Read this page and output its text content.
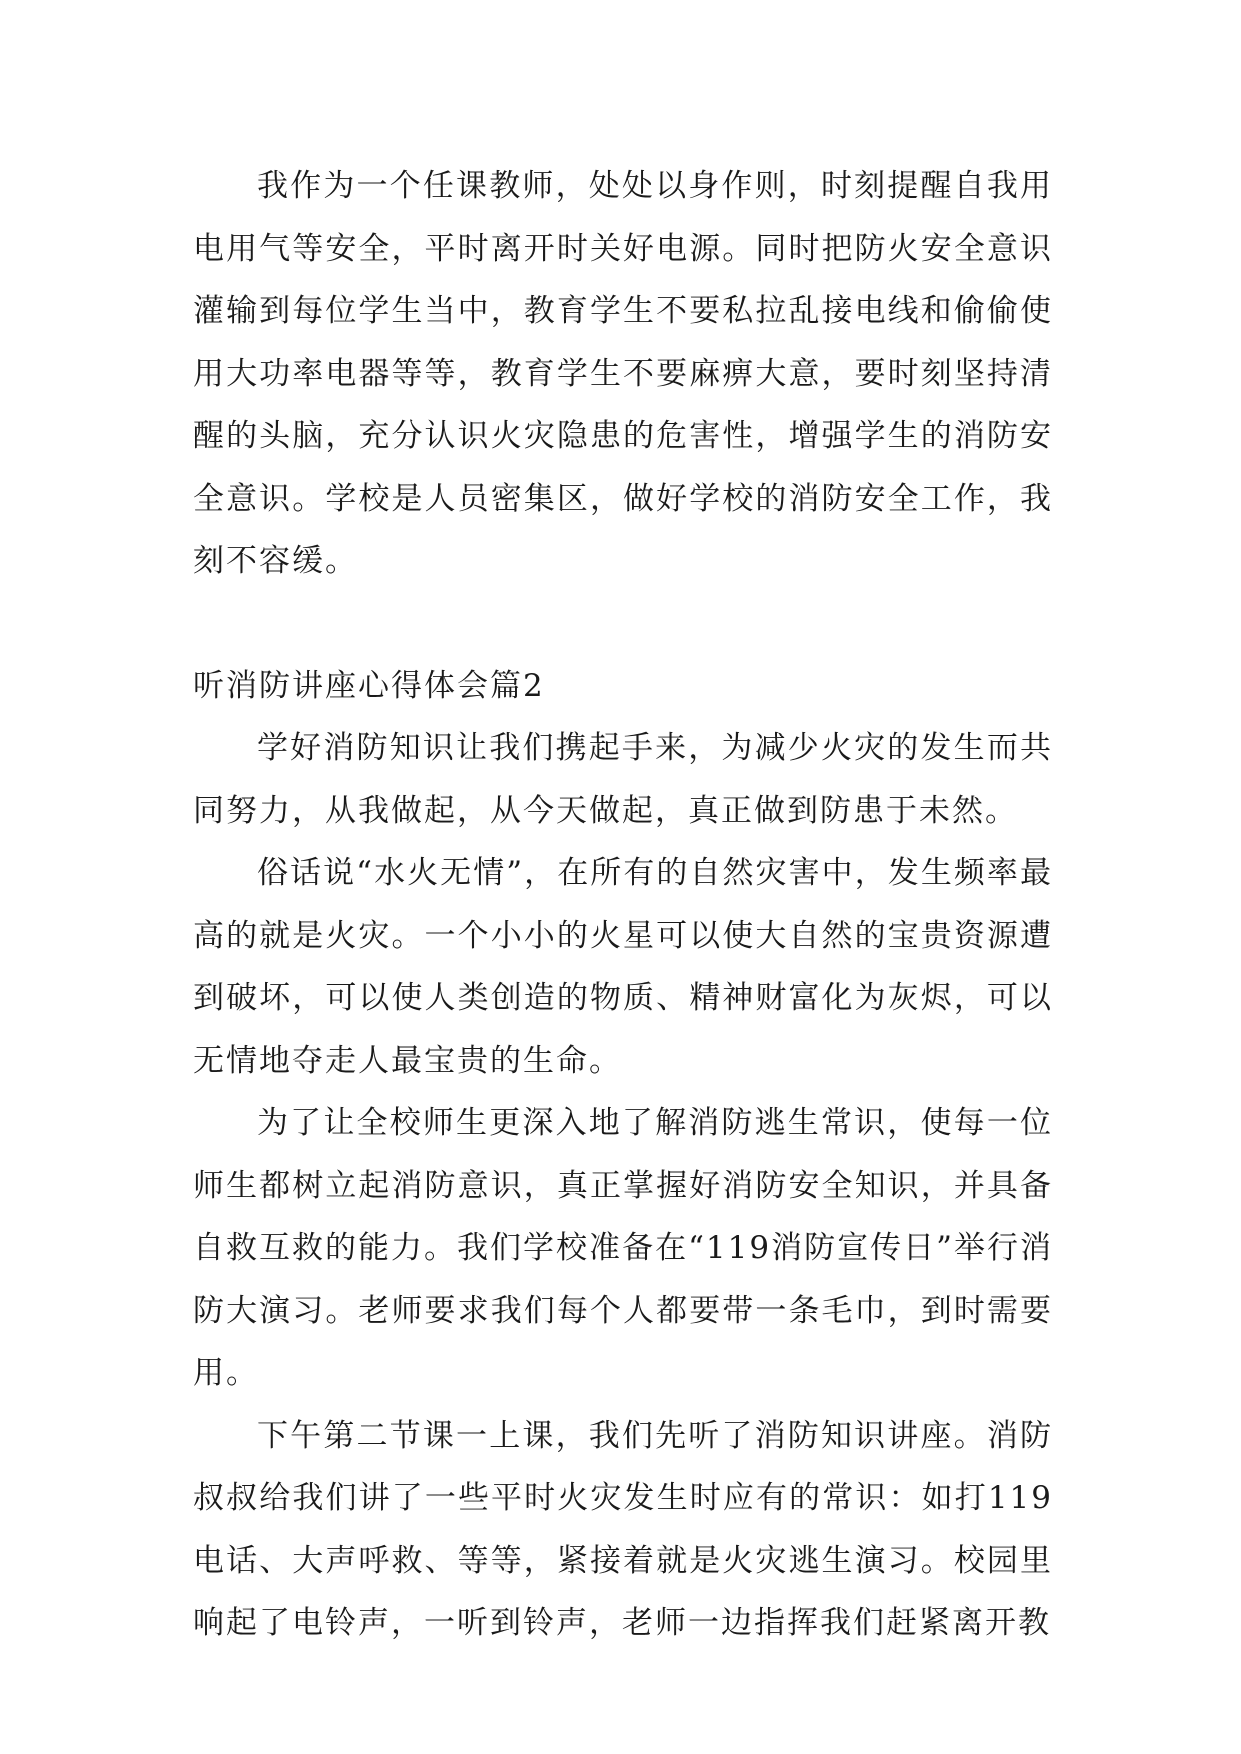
我作为一个任课教师，处处以身作则，时刻提醒自我用电用气等安全，平时离开时关好电源。同时把防火安全意识灌输到每位学生当中，教育学生不要私拉乱接电线和偷偷使用大功率电器等等，教育学生不要麻痹大意，要时刻坚持清醒的头脑，充分认识火灾隐患的危害性，增强学生的消防安全意识。学校是人员密集区，做好学校的消防安全工作，我刻不容缓。

听消防讲座心得体会篇2

学好消防知识让我们携起手来，为减少火灾的发生而共同努力，从我做起，从今天做起，真正做到防患于未然。

俗话说“水火无情”，在所有的自然灾害中，发生频率最高的就是火灾。一个小小的火星可以使大自然的宝贵资源遭到破坏，可以使人类创造的物质、精神财富化为灰烬，可以无情地夺走人最宝贵的生命。

为了让全校师生更深入地了解消防逃生常识，使每一位师生都树立起消防意识，真正掌握好消防安全知识，并具备自救互救的能力。我们学校准备在“119消防宣传日”举行消防大演习。老师要求我们每个人都要带一条毛巾，到时需要用。

下午第二节课一上课，我们先听了消防知识讲座。消防叔叔给我们讲了一些平时火灾发生时应有的常识：如打119电话、大声呼救、等等，紧接着就是火灾逃生演习。校园里响起了电铃声，一听到铃声，老师一边指挥我们赶紧离开教
